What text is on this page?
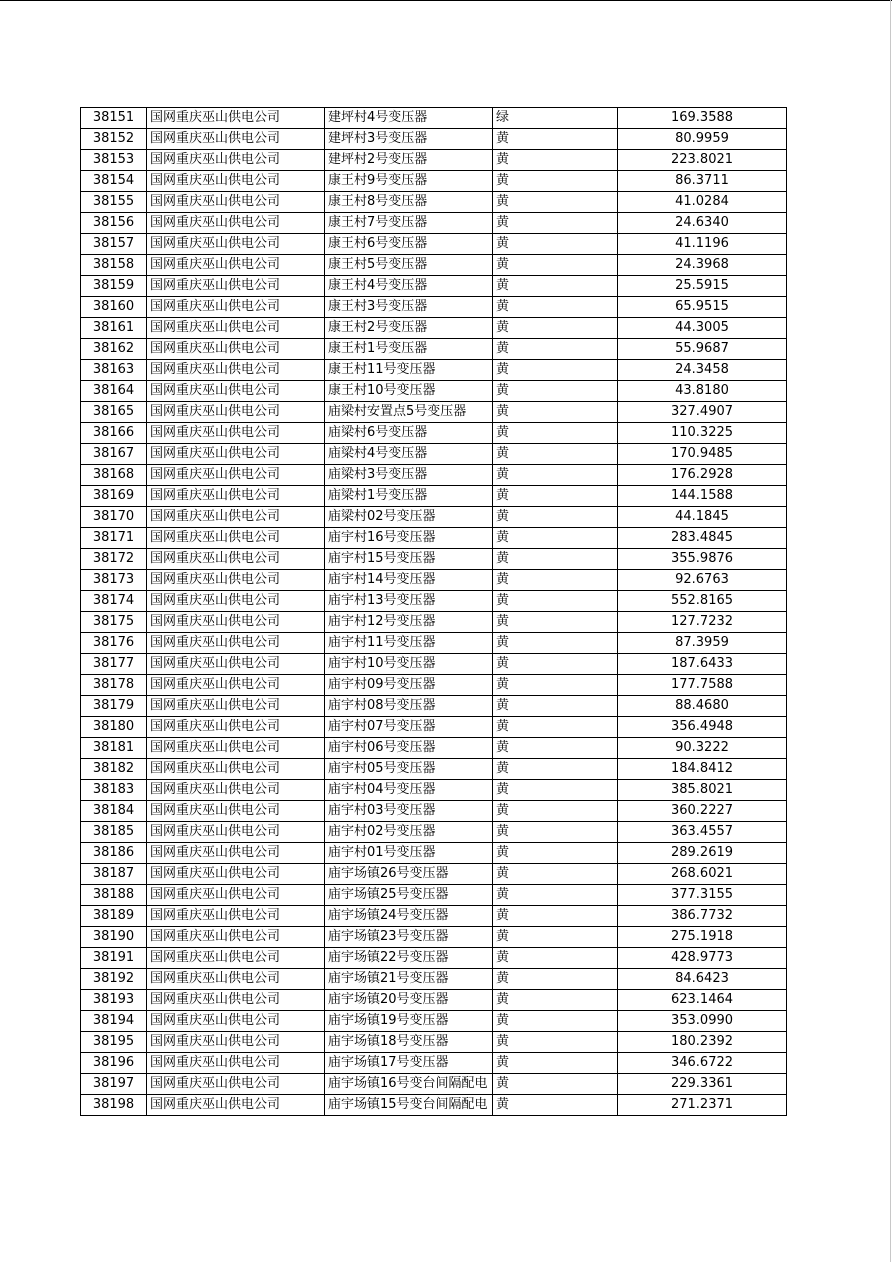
38151	国网重庆巫山供电公司	建坪村4号变压器	绿	169.3588
38152	国网重庆巫山供电公司	建坪村3号变压器	黄	80.9959
38153	国网重庆巫山供电公司	建坪村2号变压器	黄	223.8021
38154	国网重庆巫山供电公司	康王村9号变压器	黄	86.3711
38155	国网重庆巫山供电公司	康王村8号变压器	黄	41.0284
38156	国网重庆巫山供电公司	康王村7号变压器	黄	24.6340
38157	国网重庆巫山供电公司	康王村6号变压器	黄	41.1196
38158	国网重庆巫山供电公司	康王村5号变压器	黄	24.3968
38159	国网重庆巫山供电公司	康王村4号变压器	黄	25.5915
38160	国网重庆巫山供电公司	康王村3号变压器	黄	65.9515
38161	国网重庆巫山供电公司	康王村2号变压器	黄	44.3005
38162	国网重庆巫山供电公司	康王村1号变压器	黄	55.9687
38163	国网重庆巫山供电公司	康王村11号变压器	黄	24.3458
38164	国网重庆巫山供电公司	康王村10号变压器	黄	43.8180
38165	国网重庆巫山供电公司	庙梁村安置点5号变压器	黄	327.4907
38166	国网重庆巫山供电公司	庙梁村6号变压器	黄	110.3225
38167	国网重庆巫山供电公司	庙梁村4号变压器	黄	170.9485
38168	国网重庆巫山供电公司	庙梁村3号变压器	黄	176.2928
38169	国网重庆巫山供电公司	庙梁村1号变压器	黄	144.1588
38170	国网重庆巫山供电公司	庙梁村02号变压器	黄	44.1845
38171	国网重庆巫山供电公司	庙宇村16号变压器	黄	283.4845
38172	国网重庆巫山供电公司	庙宇村15号变压器	黄	355.9876
38173	国网重庆巫山供电公司	庙宇村14号变压器	黄	92.6763
38174	国网重庆巫山供电公司	庙宇村13号变压器	黄	552.8165
38175	国网重庆巫山供电公司	庙宇村12号变压器	黄	127.7232
38176	国网重庆巫山供电公司	庙宇村11号变压器	黄	87.3959
38177	国网重庆巫山供电公司	庙宇村10号变压器	黄	187.6433
38178	国网重庆巫山供电公司	庙宇村09号变压器	黄	177.7588
38179	国网重庆巫山供电公司	庙宇村08号变压器	黄	88.4680
38180	国网重庆巫山供电公司	庙宇村07号变压器	黄	356.4948
38181	国网重庆巫山供电公司	庙宇村06号变压器	黄	90.3222
38182	国网重庆巫山供电公司	庙宇村05号变压器	黄	184.8412
38183	国网重庆巫山供电公司	庙宇村04号变压器	黄	385.8021
38184	国网重庆巫山供电公司	庙宇村03号变压器	黄	360.2227
38185	国网重庆巫山供电公司	庙宇村02号变压器	黄	363.4557
38186	国网重庆巫山供电公司	庙宇村01号变压器	黄	289.2619
38187	国网重庆巫山供电公司	庙宇场镇26号变压器	黄	268.6021
38188	国网重庆巫山供电公司	庙宇场镇25号变压器	黄	377.3155
38189	国网重庆巫山供电公司	庙宇场镇24号变压器	黄	386.7732
38190	国网重庆巫山供电公司	庙宇场镇23号变压器	黄	275.1918
38191	国网重庆巫山供电公司	庙宇场镇22号变压器	黄	428.9773
38192	国网重庆巫山供电公司	庙宇场镇21号变压器	黄	84.6423
38193	国网重庆巫山供电公司	庙宇场镇20号变压器	黄	623.1464
38194	国网重庆巫山供电公司	庙宇场镇19号变压器	黄	353.0990
38195	国网重庆巫山供电公司	庙宇场镇18号变压器	黄	180.2392
38196	国网重庆巫山供电公司	庙宇场镇17号变压器	黄	346.6722
38197	国网重庆巫山供电公司	庙宇场镇16号变台间隔配电	黄	229.3361
38198	国网重庆巫山供电公司	庙宇场镇15号变台间隔配电	黄	271.2371
